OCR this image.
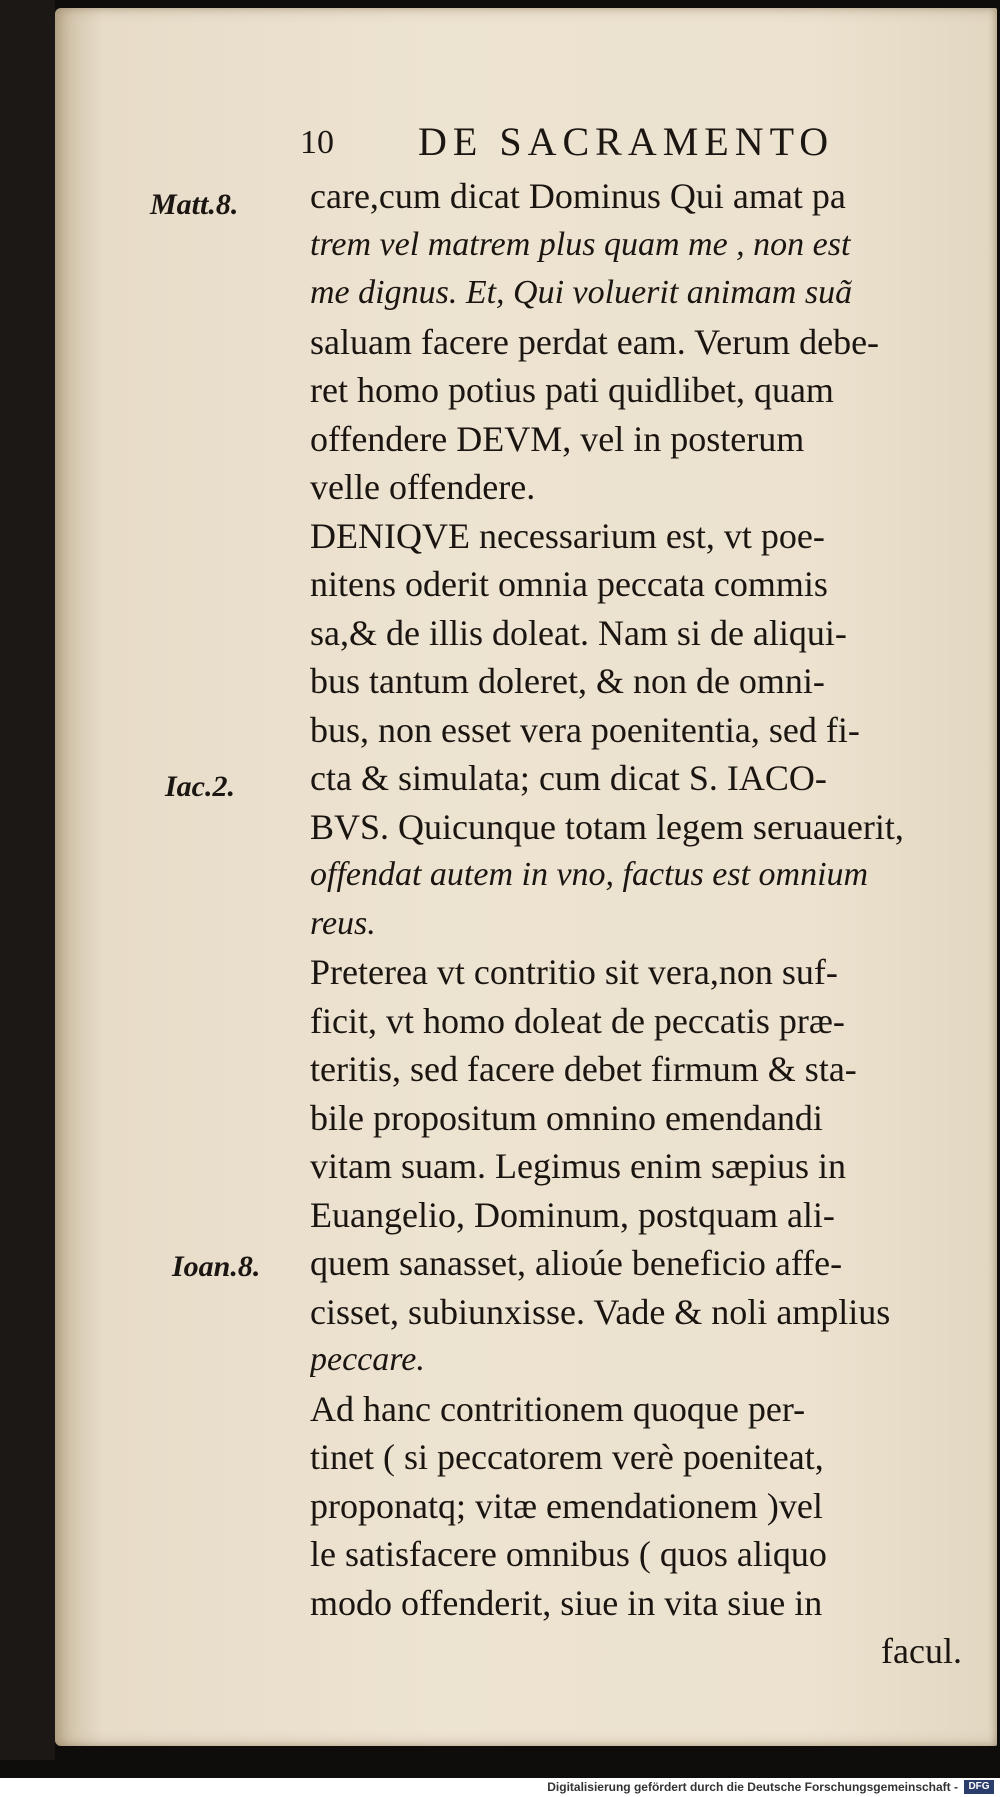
10 DE SACRAMENTO
Matt.8.
Iac.2.
Ioan.8.
care,cum dicat Dominus Qui amat pa
trem vel matrem plus quam me , non est
me dignus. Et, Qui voluerit animam suã
saluam facere perdat eam. Verum debe-
ret homo potius pati quidlibet, quam
offendere DEVM, vel in posterum
velle offendere.
DENIQVE necessarium est, vt poe-
nitens oderit omnia peccata commis
sa,& de illis doleat. Nam si de aliqui-
bus tantum doleret, & non de omni-
bus, non esset vera poenitentia, sed fi-
cta & simulata; cum dicat S. IACO-
BVS. Quicunque totam legem seruauerit,
offendat autem in vno, factus est omnium
reus.
Preterea vt contritio sit vera,non suf-
ficit, vt homo doleat de peccatis præ-
teritis, sed facere debet firmum & sta-
bile propositum omnino emendandi
vitam suam. Legimus enim sæpius in
Euangelio, Dominum, postquam ali-
quem sanasset, alioúe beneficio affe-
cisset, subiunxisse. Vade & noli amplius
peccare.
Ad hanc contritionem quoque per-
tinet ( si peccatorem verè poeniteat,
proponatq; vitæ emendationem )vel
le satisfacere omnibus ( quos aliquo
modo offenderit, siue in vita siue in
facul.
Digitalisierung gefördert durch die Deutsche Forschungsgemeinschaft -	DFG
